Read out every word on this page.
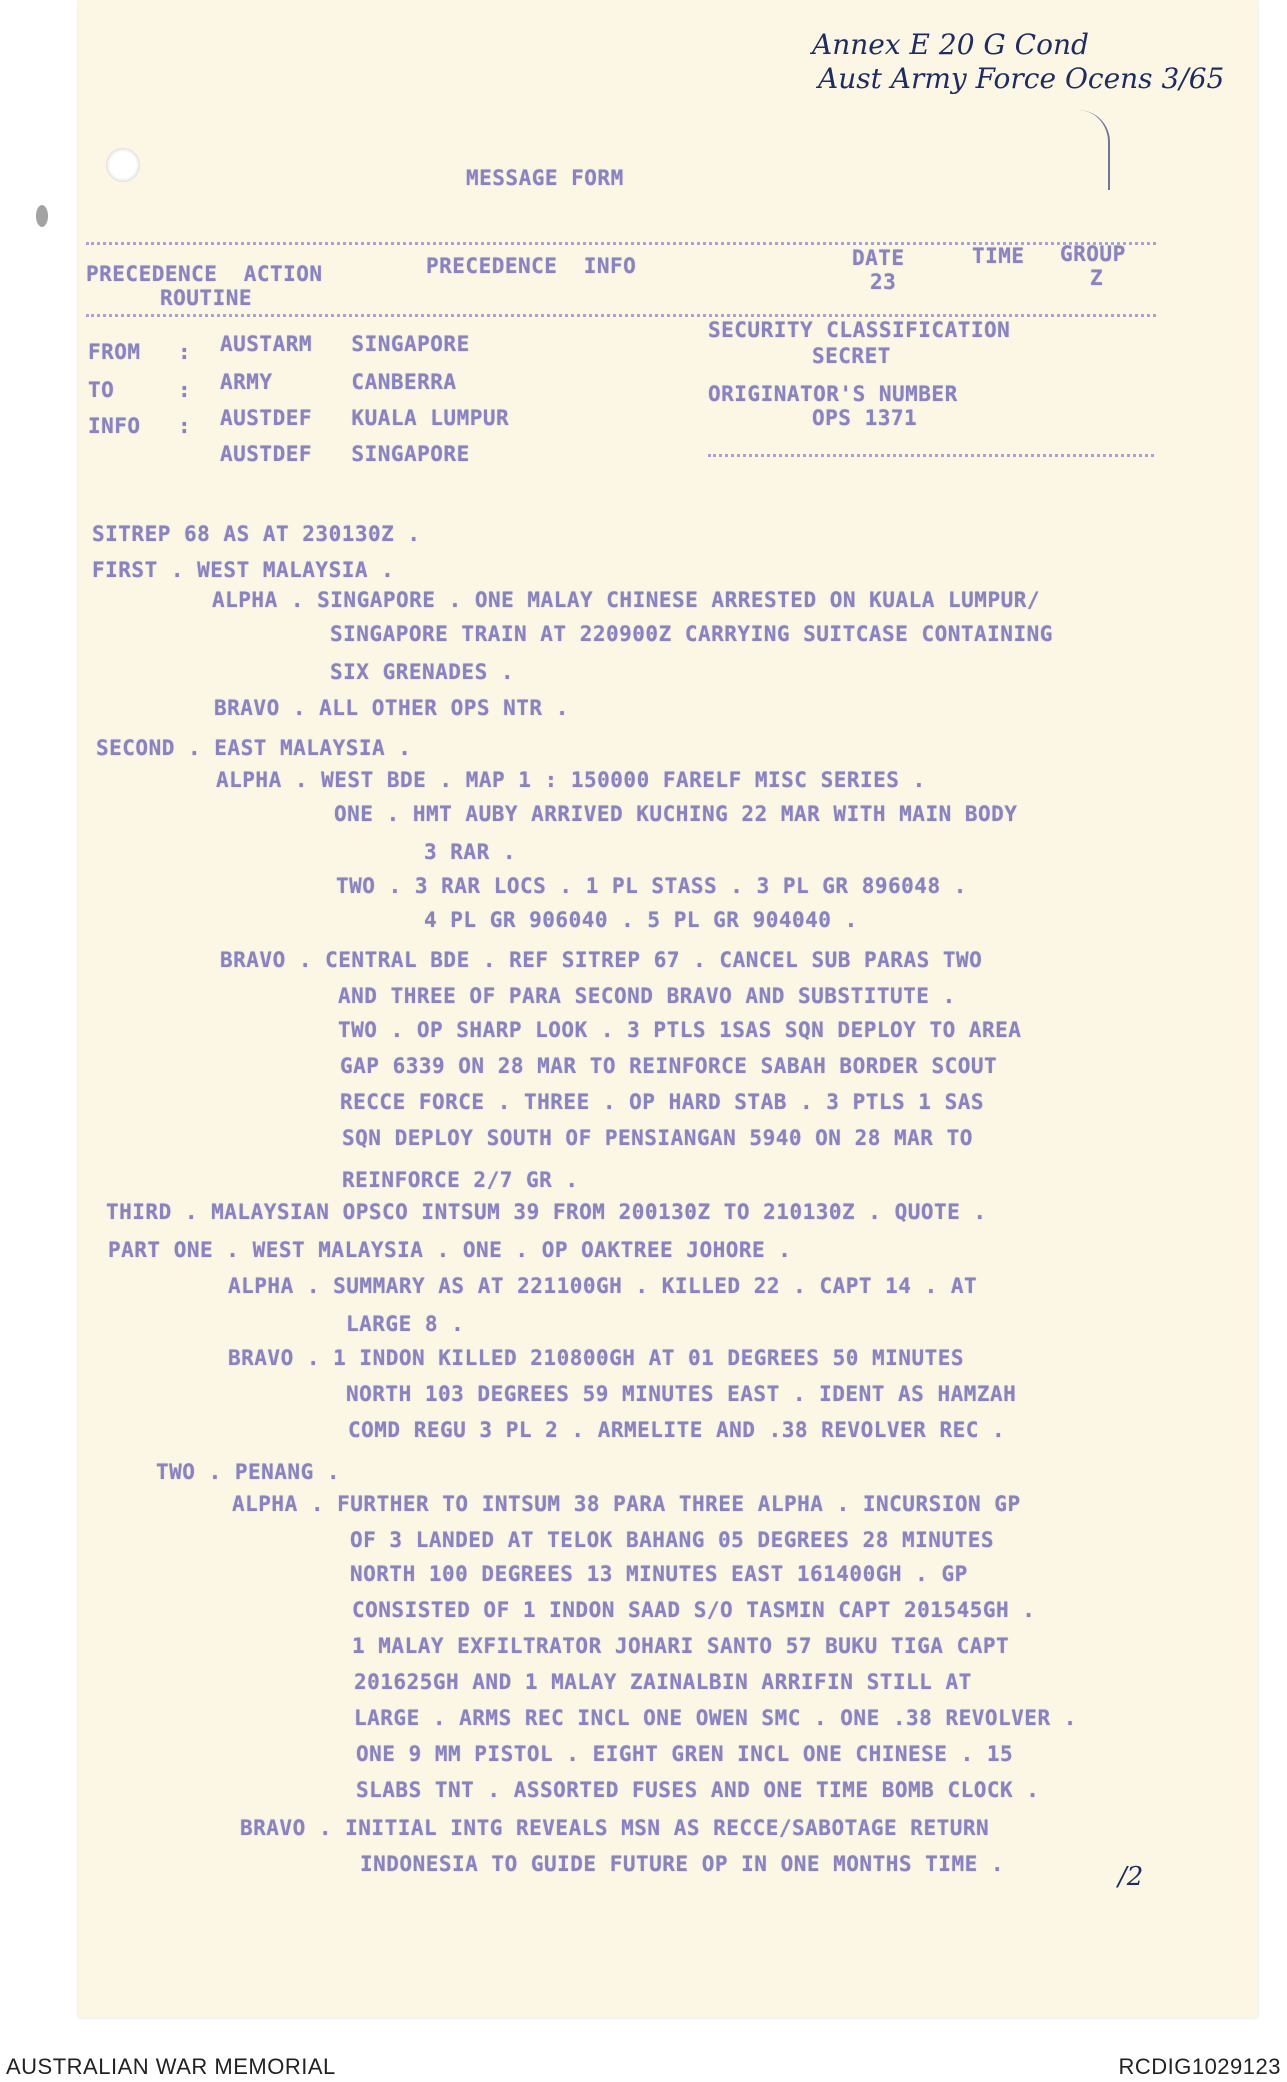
Annex E 20 G Cond
Aust Army Force Ocens 3/65
MESSAGE FORM
PRECEDENCE  ACTION
ROUTINE
PRECEDENCE  INFO	DATE
23
TIME GROUP
Z
FROM : AUSTARM   SINGAPORE
TO	: ARMY      CANBERRA
INFO : AUSTDEF   KUALA LUMPUR
AUSTDEF   SINGAPORE
SECURITY CLASSIFICATION
SECRET
ORIGINATOR'S NUMBER
OPS 1371
SITREP 68 AS AT 230130Z .
FIRST . WEST MALAYSIA .
ALPHA . SINGAPORE . ONE MALAY CHINESE ARRESTED ON KUALA LUMPUR/
SINGAPORE TRAIN AT 220900Z CARRYING SUITCASE CONTAINING
SIX GRENADES .
BRAVO . ALL OTHER OPS NTR .
SECOND . EAST MALAYSIA .
ALPHA . WEST BDE . MAP 1 : 150000 FARELF MISC SERIES .
ONE . HMT AUBY ARRIVED KUCHING 22 MAR WITH MAIN BODY
3 RAR .
TWO . 3 RAR LOCS . 1 PL STASS . 3 PL GR 896048 .
4 PL GR 906040 . 5 PL GR 904040 .
BRAVO . CENTRAL BDE . REF SITREP 67 . CANCEL SUB PARAS TWO
AND THREE OF PARA SECOND BRAVO AND SUBSTITUTE .
TWO . OP SHARP LOOK . 3 PTLS 1SAS SQN DEPLOY TO AREA
GAP 6339 ON 28 MAR TO REINFORCE SABAH BORDER SCOUT
RECCE FORCE . THREE . OP HARD STAB . 3 PTLS 1 SAS
SQN DEPLOY SOUTH OF PENSIANGAN 5940 ON 28 MAR TO
REINFORCE 2/7 GR .
THIRD . MALAYSIAN OPSCO INTSUM 39 FROM 200130Z TO 210130Z . QUOTE .
PART ONE . WEST MALAYSIA . ONE . OP OAKTREE JOHORE .
ALPHA . SUMMARY AS AT 221100GH . KILLED 22 . CAPT 14 . AT
LARGE 8 .
BRAVO . 1 INDON KILLED 210800GH AT 01 DEGREES 50 MINUTES
NORTH 103 DEGREES 59 MINUTES EAST . IDENT AS HAMZAH
COMD REGU 3 PL 2 . ARMELITE AND .38 REVOLVER REC .
TWO . PENANG .
ALPHA . FURTHER TO INTSUM 38 PARA THREE ALPHA . INCURSION GP
OF 3 LANDED AT TELOK BAHANG 05 DEGREES 28 MINUTES
NORTH 100 DEGREES 13 MINUTES EAST 161400GH . GP
CONSISTED OF 1 INDON SAAD S/O TASMIN CAPT 201545GH .
1 MALAY EXFILTRATOR JOHARI SANTO 57 BUKU TIGA CAPT
201625GH AND 1 MALAY ZAINALBIN ARRIFIN STILL AT
LARGE . ARMS REC INCL ONE OWEN SMC . ONE .38 REVOLVER .
ONE 9 MM PISTOL . EIGHT GREN INCL ONE CHINESE . 15
SLABS TNT . ASSORTED FUSES AND ONE TIME BOMB CLOCK .
BRAVO . INITIAL INTG REVEALS MSN AS RECCE/SABOTAGE RETURN
INDONESIA TO GUIDE FUTURE OP IN ONE MONTHS TIME .	/2
AUSTRALIAN WAR MEMORIAL	RCDIG1029123
